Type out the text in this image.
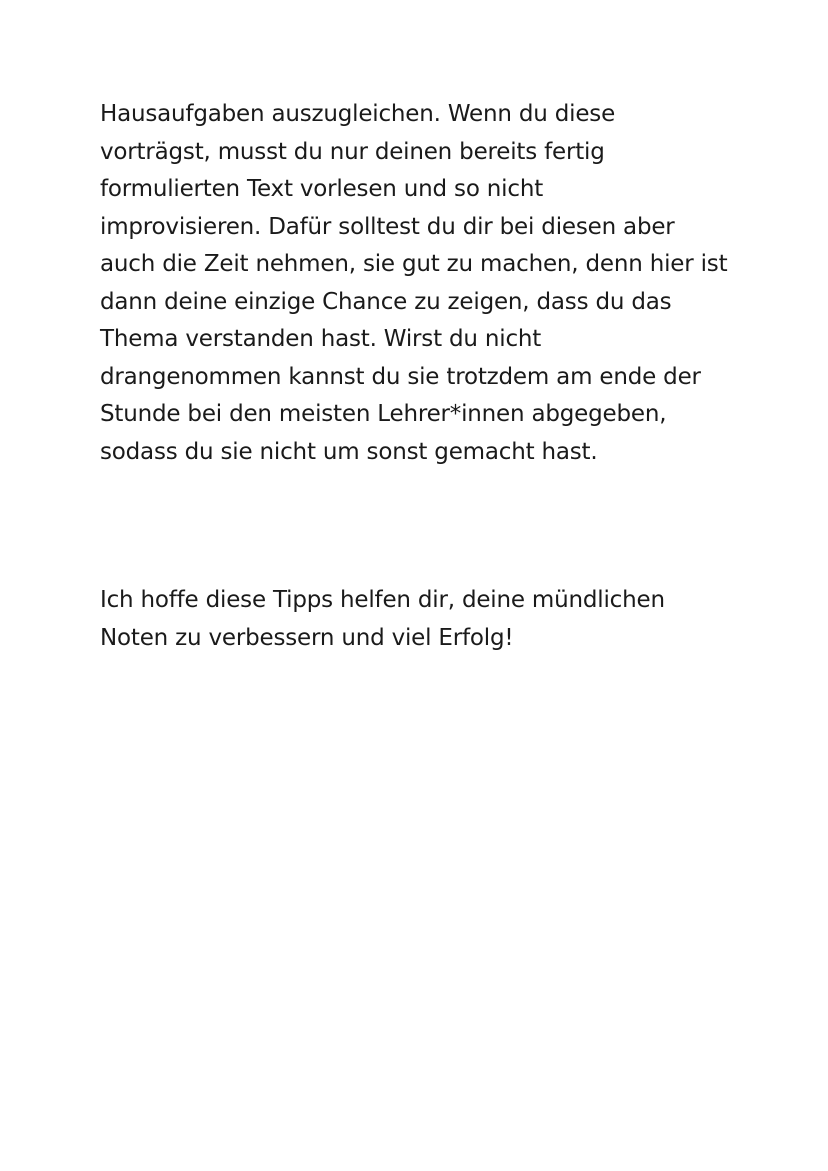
Hausaufgaben auszugleichen. Wenn du diese
vorträgst, musst du nur deinen bereits fertig
formulierten Text vorlesen und so nicht
improvisieren. Dafür solltest du dir bei diesen aber
auch die Zeit nehmen, sie gut zu machen, denn hier ist
dann deine einzige Chance zu zeigen, dass du das
Thema verstanden hast. Wirst du nicht
drangenommen kannst du sie trotzdem am ende der
Stunde bei den meisten Lehrer*innen abgegeben,
sodass du sie nicht um sonst gemacht hast.

Ich hoffe diese Tipps helfen dir, deine mündlichen
Noten zu verbessern und viel Erfolg!
